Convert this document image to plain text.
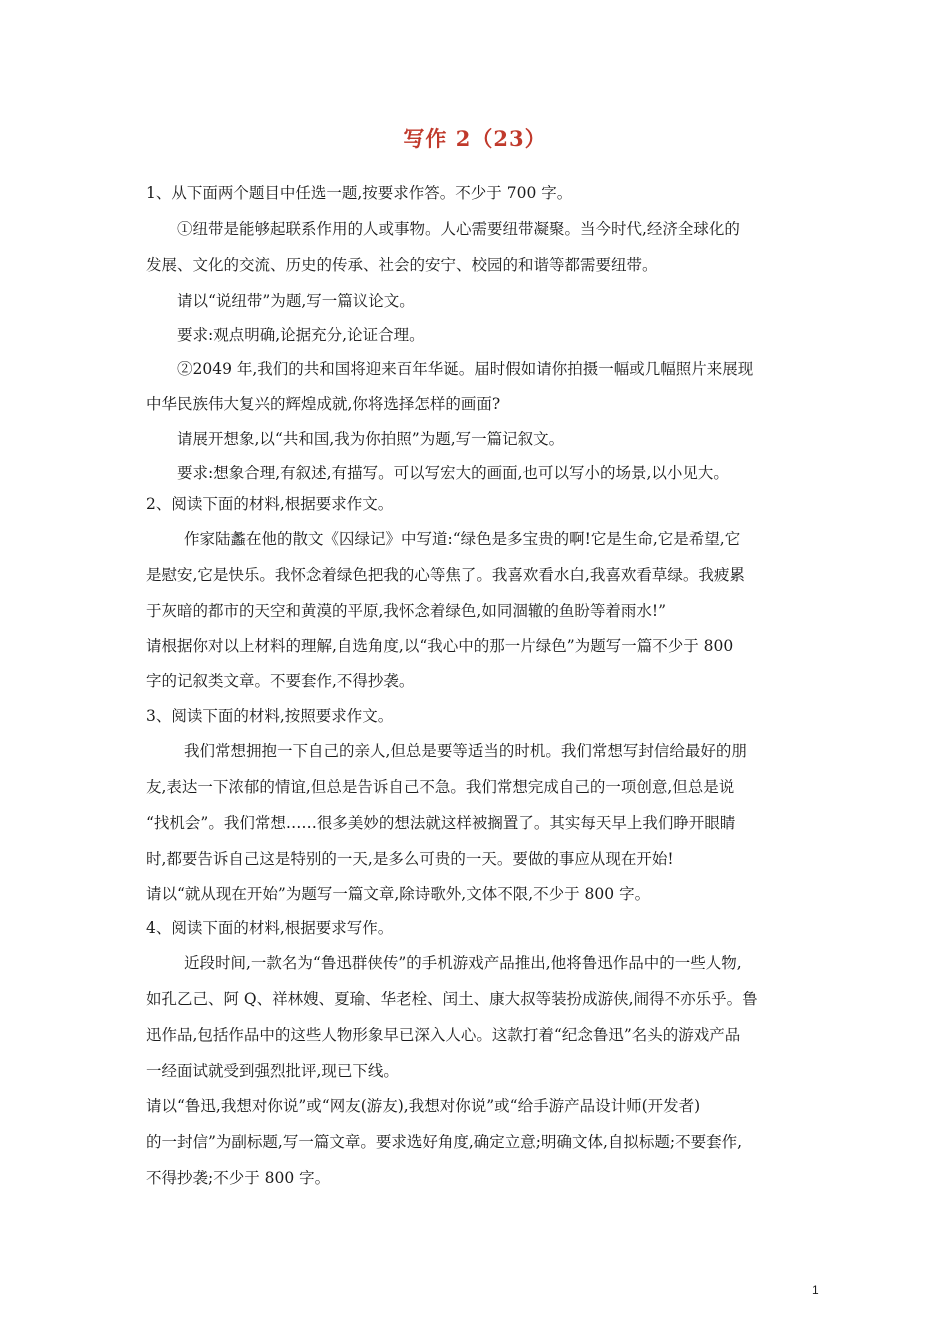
写作 2（23）
1、从下面两个题目中任选一题,按要求作答。不少于 700 字。
①纽带是能够起联系作用的人或事物。人心需要纽带凝聚。当今时代,经济全球化的
发展、文化的交流、历史的传承、社会的安宁、校园的和谐等都需要纽带。
请以“说纽带”为题,写一篇议论文。
要求:观点明确,论据充分,论证合理。
②2049 年,我们的共和国将迎来百年华诞。届时假如请你拍摄一幅或几幅照片来展现
中华民族伟大复兴的辉煌成就,你将选择怎样的画面?
请展开想象,以“共和国,我为你拍照”为题,写一篇记叙文。
要求:想象合理,有叙述,有描写。可以写宏大的画面,也可以写小的场景,以小见大。
2、阅读下面的材料,根据要求作文。
作家陆蠡在他的散文《囚绿记》中写道:“绿色是多宝贵的啊!它是生命,它是希望,它
是慰安,它是快乐。我怀念着绿色把我的心等焦了。我喜欢看水白,我喜欢看草绿。我疲累
于灰暗的都市的天空和黄漠的平原,我怀念着绿色,如同涸辙的鱼盼等着雨水!”
请根据你对以上材料的理解,自选角度,以“我心中的那一片绿色”为题写一篇不少于 800
字的记叙类文章。不要套作,不得抄袭。
3、阅读下面的材料,按照要求作文。
我们常想拥抱一下自己的亲人,但总是要等适当的时机。我们常想写封信给最好的朋
友,表达一下浓郁的情谊,但总是告诉自己不急。我们常想完成自己的一项创意,但总是说
“找机会”。我们常想……很多美妙的想法就这样被搁置了。其实每天早上我们睁开眼睛
时,都要告诉自己这是特别的一天,是多么可贵的一天。要做的事应从现在开始!
请以“就从现在开始”为题写一篇文章,除诗歌外,文体不限,不少于 800 字。
4、阅读下面的材料,根据要求写作。
近段时间,一款名为“鲁迅群侠传”的手机游戏产品推出,他将鲁迅作品中的一些人物,
如孔乙己、阿 Q、祥林嫂、夏瑜、华老栓、闰土、康大叔等装扮成游侠,闹得不亦乐乎。鲁
迅作品,包括作品中的这些人物形象早已深入人心。这款打着“纪念鲁迅”名头的游戏产品
一经面试就受到强烈批评,现已下线。
请以“鲁迅,我想对你说”或“网友(游友),我想对你说”或“给手游产品设计师(开发者)
的一封信”为副标题,写一篇文章。要求选好角度,确定立意;明确文体,自拟标题;不要套作,
不得抄袭;不少于 800 字。
1
